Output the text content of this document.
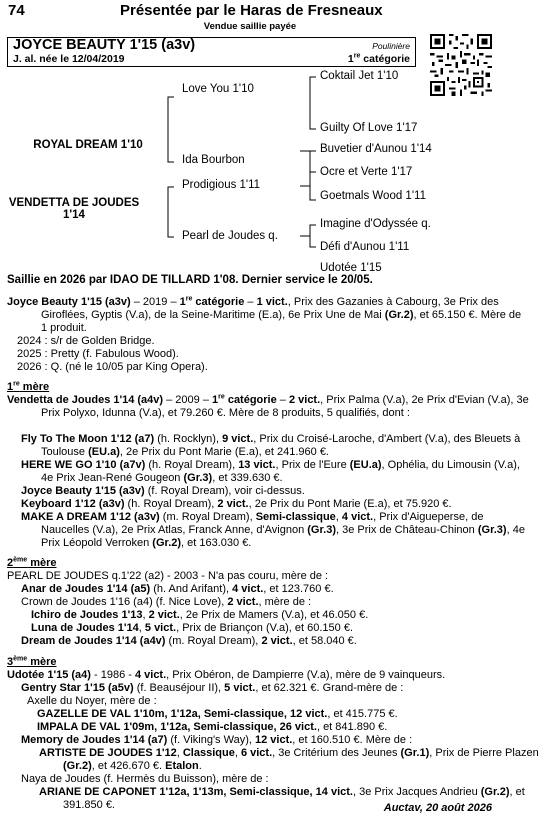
74	Présentée par le Haras de Fresneaux
Vendue saillie payée
JOYCE BEAUTY 1'15 (a3v)
J. al. née le 12/04/2019
Poulinière
1re catégorie
ROYAL DREAM 1'10
VENDETTA DE JOUDES
1'14
Love You 1'10
Ida Bourbon
Prodigious 1'11
Pearl de Joudes q.
Coktail Jet 1'10
Guilty Of Love 1'17
Buvetier d'Aunou 1'14
Ocre et Verte 1'17
Goetmals Wood 1'11
Imagine d'Odyssée q.
Défi d'Aunou 1'11
Udotée 1'15
Saillie en 2026 par IDAO DE TILLARD 1'08. Dernier service le 20/05.
Joyce Beauty 1'15 (a3v) – 2019 – 1re catégorie – 1 vict., Prix des Gazanies à Cabourg, 3e Prix des Giroflées, Gyptis (V.a), de la Seine-Maritime (E.a), 6e Prix Une de Mai (Gr.2), et 65.150 €. Mère de 1 produit.
2024 : s/r de Golden Bridge.
2025 : Pretty (f. Fabulous Wood).
2026 : Q. (né le 10/05 par King Opera).
1re mère
Vendetta de Joudes 1'14 (a4v) – 2009 – 1re catégorie – 2 vict., Prix Palma (V.a), 2e Prix d'Evian (V.a), 3e Prix Polyxo, Idunna (V.a), et 79.260 €. Mère de 8 produits, 5 qualifiés, dont :
Fly To The Moon 1'12 (a7) (h. Rocklyn), 9 vict., Prix du Croisé-Laroche, d'Ambert (V.a), des Bleuets à Toulouse (EU.a), 2e Prix du Pont Marie (E.a), et 241.960 €.
HERE WE GO 1'10 (a7v) (h. Royal Dream), 13 vict., Prix de l'Eure (EU.a), Ophélia, du Limousin (V.a), 4e Prix Jean-René Gougeon (Gr.3), et 339.630 €.
Joyce Beauty 1'15 (a3v) (f. Royal Dream), voir ci-dessus.
Keyboard 1'12 (a3v) (h. Royal Dream), 2 vict., 2e Prix du Pont Marie (E.a), et 75.920 €.
MAKE A DREAM 1'12 (a3v) (m. Royal Dream), Semi-classique, 4 vict., Prix d'Aigueperse, de Naucelles (V.a), 2e Prix Atlas, Franck Anne, d'Avignon (Gr.3), 3e Prix de Château-Chinon (Gr.3), 4e Prix Léopold Verroken (Gr.2), et 163.030 €.
2ème mère
PEARL DE JOUDES q.1'22 (a2) - 2003 - N'a pas couru, mère de :
Anar de Joudes 1'14 (a5) (h. And Arifant), 4 vict., et 123.760 €.
Crown de Joudes 1'16 (a4) (f. Nice Love), 2 vict., mère de :
Ichiro de Joudes 1'13, 2 vict., 2e Prix de Mamers (V.a), et 46.050 €.
Luna de Joudes 1'14, 5 vict., Prix de Briançon (V.a), et 60.150 €.
Dream de Joudes 1'14 (a4v) (m. Royal Dream), 2 vict., et 58.040 €.
3ème mère
Udotée 1'15 (a4) - 1986 - 4 vict., Prix Obéron, de Dampierre (V.a), mère de 9 vainqueurs.
Gentry Star 1'15 (a5v) (f. Beauséjour II), 5 vict., et 62.321 €. Grand-mère de :
Axelle du Noyer, mère de :
GAZELLE DE VAL 1'10m, 1'12a, Semi-classique, 12 vict., et 415.775 €.
IMPALA DE VAL 1'09m, 1'12a, Semi-classique, 26 vict., et 841.890 €.
Memory de Joudes 1'14 (a7) (f. Viking's Way), 12 vict., et 160.510 €. Mère de :
ARTISTE DE JOUDES 1'12, Classique, 6 vict., 3e Critérium des Jeunes (Gr.1), Prix de Pierre Plazen (Gr.2), et 426.670 €. Etalon.
Naya de Joudes (f. Hermès du Buisson), mère de :
ARIANE DE CAPONET 1'12a, 1'13m, Semi-classique, 14 vict., 3e Prix Jacques Andrieu (Gr.2), et 391.850 €.	Auctav, 20 août 2026
